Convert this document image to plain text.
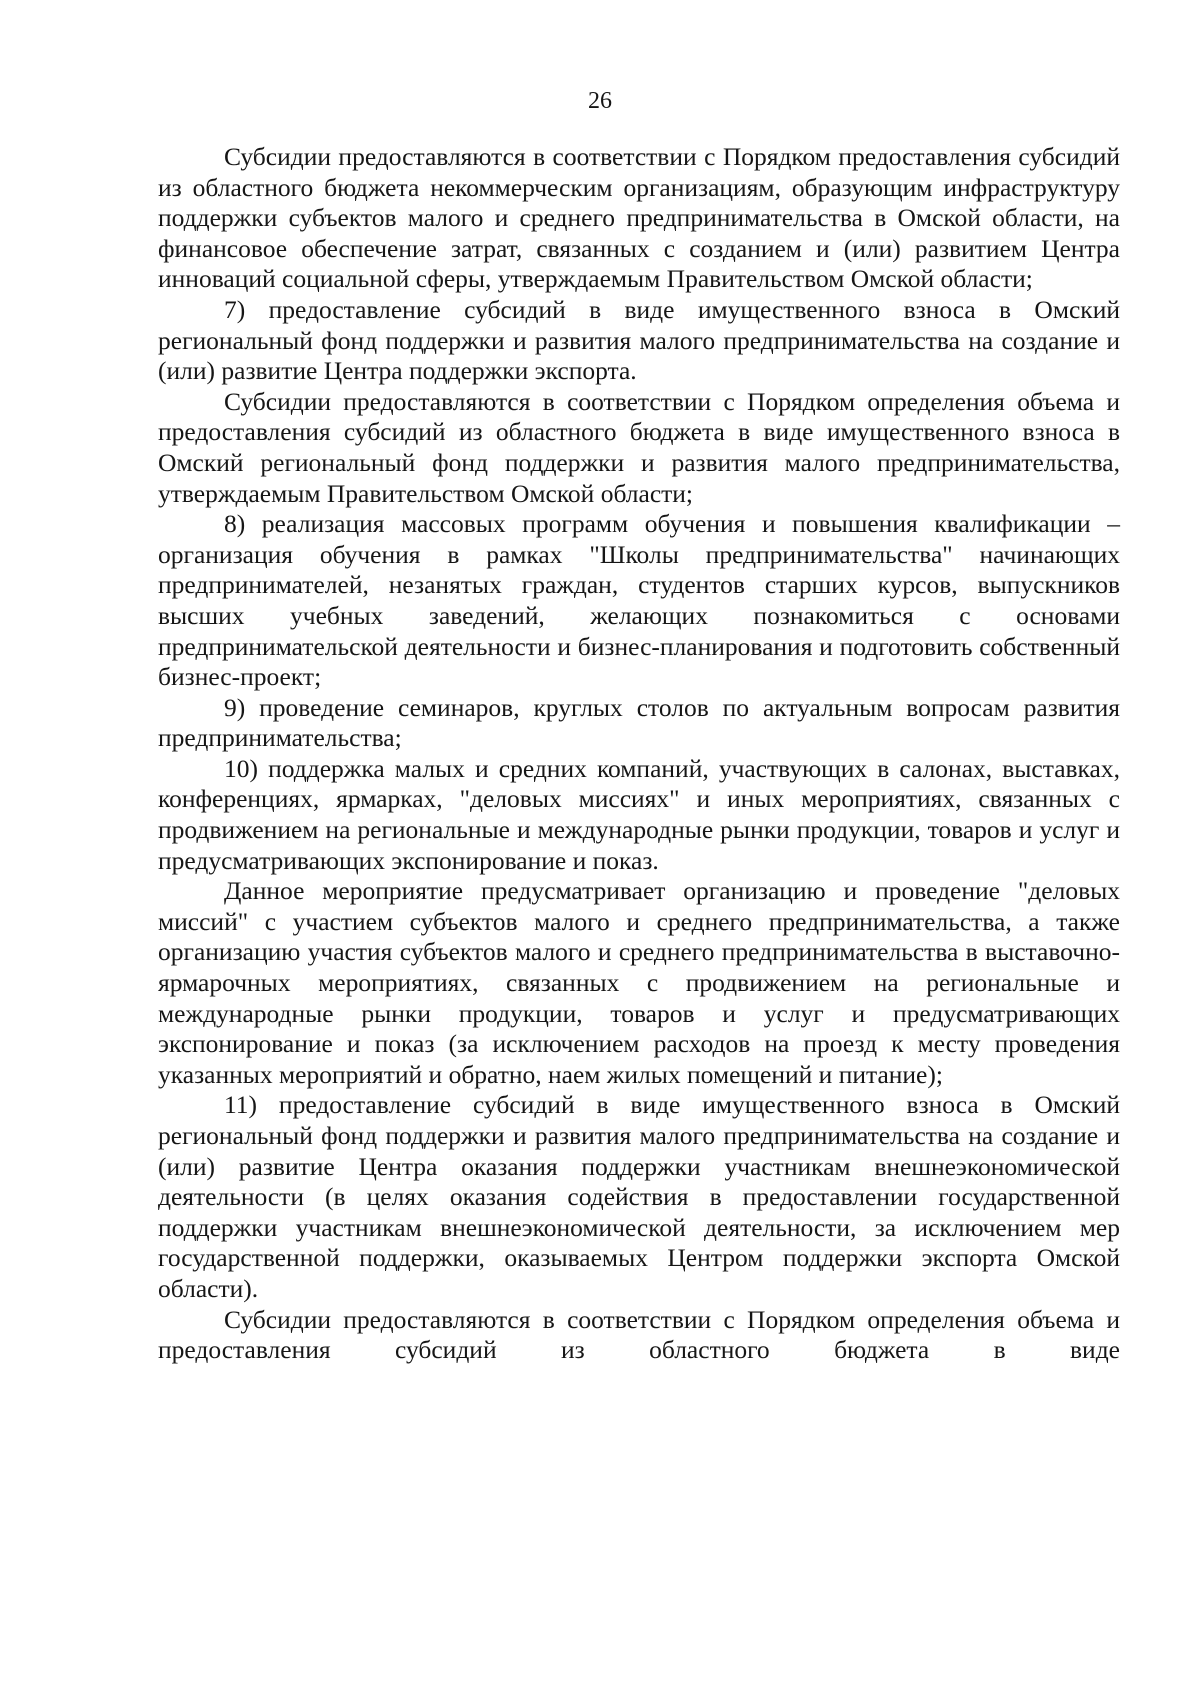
26

Субсидии предоставляются в соответствии с Порядком предоставления субсидий из областного бюджета некоммерческим организациям, образующим инфраструктуру поддержки субъектов малого и среднего предпринимательства в Омской области, на финансовое обеспечение затрат, связанных с созданием и (или) развитием Центра инноваций социальной сферы, утверждаемым Правительством Омской области;

7) предоставление субсидий в виде имущественного взноса в Омский региональный фонд поддержки и развития малого предпринимательства на создание и (или) развитие Центра поддержки экспорта.

Субсидии предоставляются в соответствии с Порядком определения объема и предоставления субсидий из областного бюджета в виде имущественного взноса в Омский региональный фонд поддержки и развития малого предпринимательства, утверждаемым Правительством Омской области;

8) реализация массовых программ обучения и повышения квалификации – организация обучения в рамках "Школы предпринимательства" начинающих предпринимателей, незанятых граждан, студентов старших курсов, выпускников высших учебных заведений, желающих познакомиться с основами предпринимательской деятельности и бизнес-планирования и подготовить собственный бизнес-проект;

9) проведение семинаров, круглых столов по актуальным вопросам развития предпринимательства;

10) поддержка малых и средних компаний, участвующих в салонах, выставках, конференциях, ярмарках, "деловых миссиях" и иных мероприятиях, связанных с продвижением на региональные и международные рынки продукции, товаров и услуг и предусматривающих экспонирование и показ.

Данное мероприятие предусматривает организацию и проведение "деловых миссий" с участием субъектов малого и среднего предпринимательства, а также организацию участия субъектов малого и среднего предпринимательства в выставочно-ярмарочных мероприятиях, связанных с продвижением на региональные и международные рынки продукции, товаров и услуг и предусматривающих экспонирование и показ (за исключением расходов на проезд к месту проведения указанных мероприятий и обратно, наем жилых помещений и питание);

11) предоставление субсидий в виде имущественного взноса в Омский региональный фонд поддержки и развития малого предпринимательства на создание и (или) развитие Центра оказания поддержки участникам внешнеэкономической деятельности (в целях оказания содействия в предоставлении государственной поддержки участникам внешнеэкономической деятельности, за исключением мер государственной поддержки, оказываемых Центром поддержки экспорта Омской области).

Субсидии предоставляются в соответствии с Порядком определения объема и предоставления субсидий из областного бюджета в виде
